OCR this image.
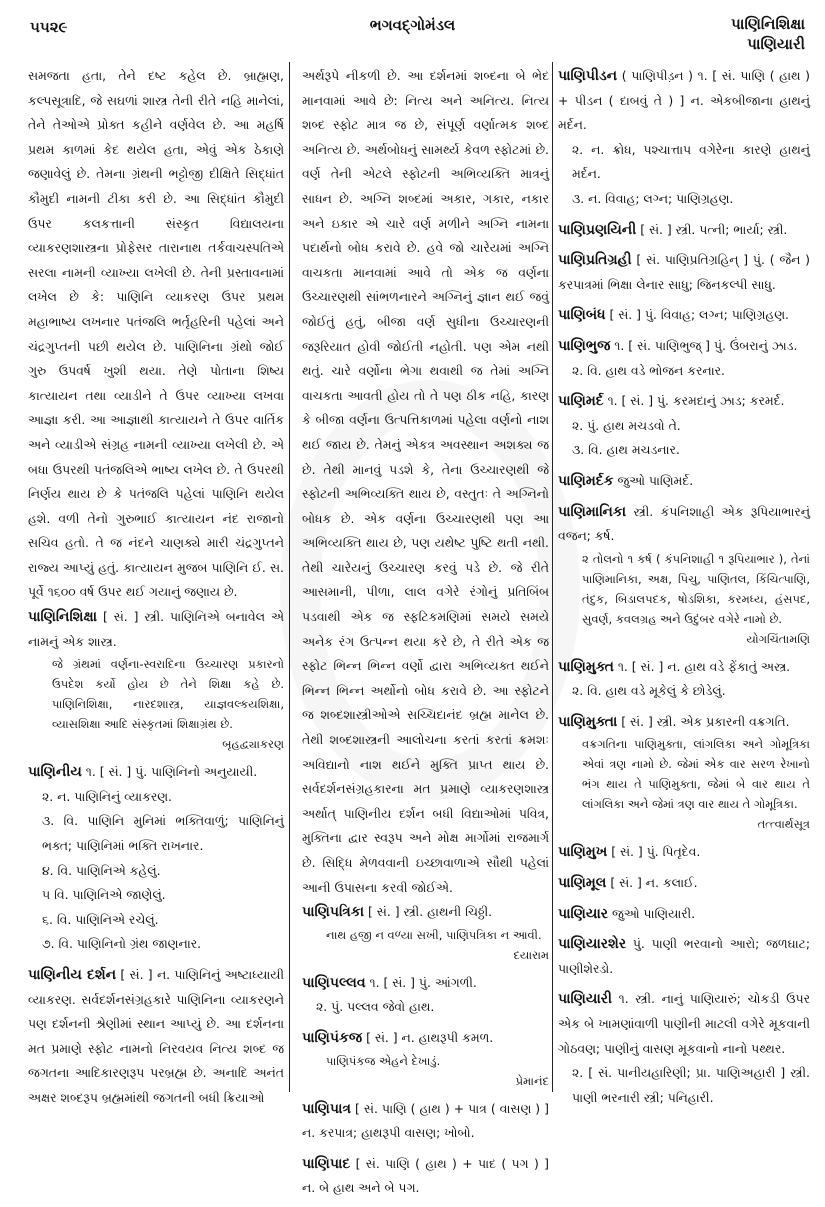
૫૫૨૯	ભગવદ્ગોમંડલ	પાણિનિશિક્ષા
પાણિયારી

સમજતા હતા, તેને દષ્ટ કહેલ છે. બ્રાહ્મણ, કલ્પસૂત્રાદિ, જે સઘળાં શાસ્ત્ર તેની રીતે નહિ માનેલાં, તેને તેઓએ પ્રોક્ત કહીને વર્ણવેલ છે. આ મહર્ષિ પ્રથમ કાળમાં કેદ થયેલ હતા, એવું એક ઠેકાણે જણાવેલું છે. તેમના ગ્રંથની ભટ્ટોજી દીક્ષિતે સિદ્ધાંત કૌમુદી નામની ટીકા કરી છે. આ સિદ્ધાંત કૌમુદી ઉપર કલકત્તાની સંસ્કૃત વિદ્યાલયના વ્યાકરણશાસ્ત્રના પ્રોફેસર તારાનાથ તર્કવાચસ્પતિએ સરલા નામની વ્યાખ્યા લખેલી છે. તેની પ્રસ્તાવનામાં લખેલ છે કે: પાણિનિ વ્યાકરણ ઉપર પ્રથમ મહાભાષ્ય લખનાર પતંજલિ ભર્તૃહરિની પહેલાં અને ચંદ્રગુપ્તની પછી થયેલ છે. પાણિનિના ગ્રંથો જોઈ ગુરુ ઉપવર્ષ ખુશી થયા. તેણે પોતાના શિષ્ય કાત્યાયન તથા વ્યાડીને તે ઉપર વ્યાખ્યા લખવા આજ્ઞા કરી. આ આજ્ઞાથી કાત્યાયને તે ઉપર વાર્તિક અને વ્યાડીએ સંગ્રહ નામની વ્યાખ્યા લખેલી છે. એ બધા ઉપરથી પતંજલિએ ભાષ્ય લખેલ છે. તે ઉપરથી નિર્ણય થાય છે કે પતંજલિ પહેલાં પાણિનિ થયેલ હશે. વળી તેનો ગુરુભાઈ કાત્યાયન નંદ રાજાનો સચિવ હતો. તે જ નંદને ચાણક્યે મારી ચંદ્રગુપ્તને રાજ્ય આપ્યું હતું. કાત્યાયન મુજબ પાણિનિ ઈ. સ. પૂર્વે ૧૬૦૦ વર્ષ ઉપર થઈ ગયાનું જણાય છે.

પાણિનિશિક્ષા [ સં. ] સ્ત્રી. પાણિનિએ બનાવેલ એ નામનું એક શાસ્ત્ર.

જે ગ્રંથમાં વર્ણના-સ્વરાદિના ઉચ્ચારણ પ્રકારનો ઉપદેશ કર્યો હોય છે તેને શિક્ષા કહે છે. પાણિનિશિક્ષા, નારદશાસ્ત્ર, યાજ્ઞવલ્કયશિક્ષા, વ્યાસશિક્ષા આદિ સંસ્કૃતમાં શિક્ષાગ્રંથ છે.

બૃહદ્વ્યાકરણ

પાણિનીય ૧. [ સં. ] પું. પાણિનિનો અનુયાયી.

૨. ન. પાણિનિનું વ્યાકરણ.

૩. વિ. પાણિનિ મુનિમાં ભક્તિવાળું; પાણિનિનું ભક્ત; પાણિનિમાં ભક્તિ રાખનાર.

૪. વિ. પાણિનિએ કહેલું.

૫ વિ. પાણિનિએ જાણેલું.

૬. વિ. પાણિનિએ રચેલું.

૭. વિ. પાણિનિનો ગ્રંથ જાણનાર.

પાણિનીય દર્શન [ સં. ] ન. પાણિનિનું અષ્ટાધ્યાયી વ્યાકરણ. સર્વદર્શનસંગ્રહકારે પાણિનિના વ્યાકરણને પણ દર્શનની શ્રેણીમાં સ્થાન આપ્યું છે. આ દર્શનના મત પ્રમાણે સ્ફોટ નામનો નિરવયવ નિત્ય શબ્દ જ જગતના આદિકારણરૂપ પરબ્રહ્મ છે. અનાદિ અનંત અક્ષર શબ્દરૂપ બ્રહ્મમાંથી જગતની બધી ક્રિયાઓ

અર્થરૂપે નીકળી છે. આ દર્શનમાં શબ્દના બે ભેદ માનવામાં આવે છે: નિત્ય અને અનિત્ય. નિત્ય શબ્દ સ્ફોટ માત્ર જ છે, સંપૂર્ણ વર્ણાત્મક શબ્દ અનિત્ય છે. અર્થબોધનું સામર્થ્ય કેવળ સ્ફોટમાં છે. વર્ણ તેની એટલે સ્ફોટની અભિવ્યક્તિ માત્રનું સાધન છે. અગ્નિ શબ્દમાં અકાર, ગકાર, નકાર અને ઇકાર એ ચારે વર્ણ મળીને અગ્નિ નામના પદાર્થનો બોધ કરાવે છે. હવે જો ચારેયમાં અગ્નિ વાચકતા માનવામાં આવે તો એક જ વર્ણના ઉચ્ચારણથી સાંભળનારને અગ્નિનું જ્ઞાન થઈ જવું જોઈતું હતું, બીજા વર્ણ સુધીના ઉચ્ચારણની જરૂરિયાત હોવી જોઈતી નહોતી. પણ એમ નથી થતું. ચારે વર્ણોના ભેગા થવાથી જ તેમાં અગ્નિ વાચકતા આવતી હોય તો તે પણ ઠીક નહિ, કારણ કે બીજા વર્ણના ઉત્પત્તિકાળમાં પહેલા વર્ણનો નાશ થઈ જાય છે. તેમનું એકત્ર અવસ્થાન અશક્ય જ છે. તેથી માનવું પડશે કે, તેના ઉચ્ચારણથી જે સ્ફોટની અભિવ્યક્તિ થાય છે, વસ્તુતઃ તે અગ્નિનો બોધક છે. એક વર્ણના ઉચ્ચારણથી પણ આ અભિવ્યક્તિ થાય છે, પણ યથેષ્ટ પુષ્ટિ થતી નથી. તેથી ચારેયનું ઉચ્ચારણ કરવું પડે છે. જે રીતે આસમાની, પીળા, લાલ વગેરે રંગોનું પ્રતિબિંબ પડવાથી એક જ સ્ફટિકમણિમાં સમયે સમયે અનેક રંગ ઉત્પન્ન થયા કરે છે, તે રીતે એક જ સ્ફોટ ભિન્ન ભિન્ન વર્ણો દ્વારા અભિવ્યક્ત થઈને ભિન્ન ભિન્ન અર્થોનો બોધ કરાવે છે. આ સ્ફોટને જ શબ્દશાસ્ત્રીઓએ સચ્ચિદાનંદ બ્રહ્મ માનેલ છે. તેથી શબ્દશાસ્ત્રની આલોચના કરતાં કરતાં ક્રમશઃ અવિદ્યાનો નાશ થઈને મુક્તિ પ્રાપ્ત થાય છે. સર્વદર્શનસંગ્રહકારના મત પ્રમાણે વ્યાકરણશાસ્ત્ર અર્થાત્ પાણિનીય દર્શન બધી વિદ્યાઓમાં પવિત્ર, મુક્તિના દ્વાર સ્વરૂપ અને મોક્ષ માર્ગોમાં રાજમાર્ગ છે. સિદ્ધિ મેળવવાની ઇચ્છાવાળાએ સૌથી પહેલાં આની ઉપાસના કરવી જોઈએ.

પાણિપત્રિકા [ સં. ] સ્ત્રી. હાથની ચિઠ્ઠી.

નાથ હજી ન વળ્યા સખી, પાણિપત્રિકા ન આવી.

દયારામ

પાણિપલ્લવ ૧. [ સં. ] પું. આંગળી.

૨. પું. પલ્લવ જેવો હાથ.

પાણિપંકજ [ સં. ] ન. હાથરૂપી કમળ.

પાણિપંકજ એહને દેખાડું.

પ્રેમાનંદ

પાણિપાત્ર [ સં. પાણિ ( હાથ ) + પાત્ર ( વાસણ ) ] ન. કરપાત્ર; હાથરૂપી વાસણ; ખોબો.
પાણિપાદ [ સં. પાણિ ( હાથ ) + પાદ ( પગ ) ] ન. બે હાથ અને બે પગ.
પાણિપીડન ( પાણિપીડ઼ન ) ૧. [ સં. પાણિ ( હાથ ) + પીડન ( દાબવું તે ) ] ન. એકબીજાના હાથનું મર્દન.

૨. ન. ક્રોધ, પશ્ચાત્તાપ વગેરેના કારણે હાથનું મર્દન.

૩. ન. વિવાહ; લગ્ન; પાણિગ્રહણ.

પાણિપ્રણયિની [ સં. ] સ્ત્રી. પત્ની; ભાર્યા; સ્ત્રી.
પાણિપ્રતિગ્રહી [ સં. પાણિપ્રતિગ્રહિન્ ] પું. ( જૈન ) કરપાત્રમાં ભિક્ષા લેનાર સાધુ; જિનકલ્પી સાધુ.
પાણિબંધ [ સં. ] પું. વિવાહ; લગ્ન; પાણિગ્રહણ.
પાણિભુજ ૧. [ સં. પાણિભુજ્ ] પું. ઉંબરાનું ઝાડ.

૨. વિ. હાથ વડે ભોજન કરનાર.

પાણિમર્દ ૧. [ સં. ] પું. કરમદાનું ઝાડ; કરમર્દ.

૨. પું. હાથ મચડવો તે.

૩. વિ. હાથ મચડનાર.

પાણિમર્દક જુઓ પાણિમર્દ.
પાણિમાનિકા સ્ત્રી. કંપનિશાહી એક રૂપિયાભારનું વજન; કર્ષ.

૨ તોલનો ૧ કર્ષ ( કંપનિશાહી ૧ રૂપિયાભાર ), તેનાં પાણિમાનિકા, અક્ષ, પિચુ, પાણિતલ, કિંચિત્પાણિ, તંદુક, બિડાલપદક, ષોડશિકા, કરમધ્ય, હંસપદ, સુવર્ણ, કવલગ્રહ અને ઉદુંબર વગેરે નામો છે.

યોગચિંતામણિ

પાણિમુક્ત ૧. [ સં. ] ન. હાથ વડે ફેંકાતું અસ્ત્ર.

૨. વિ. હાથ વડે મૂકેલું કે છોડેલું.

પાણિમુક્તા [ સં. ] સ્ત્રી. એક પ્રકારની વક્રગતિ.

વક્રગતિના પાણિમુક્તા, લાંગલિકા અને ગોમૂત્રિકા એવાં ત્રણ નામો છે. જેમાં એક વાર સરળ રેખાનો ભંગ થાય તે પાણિમુક્તા, જેમાં બે વાર થાય તે લાંગલિકા અને જેમાં ત્રણ વાર થાય તે ગોમૂત્રિકા.

તત્ત્વાર્થસૂત્ર

પાણિમુખ [ સં. ] પું. પિતૃદેવ.
પાણિમૂલ [ સં. ] ન. કલાઈ.
પાણિયાર જુઓ પાણિયારી.
પાણિયારશેર પું. પાણી ભરવાનો આરો; જળઘાટ; પાણીશેરડો.
પાણિયારી ૧. સ્ત્રી. નાનું પાણિયારું; ચોકડી ઉપર એક બે ખામણાંવાળી પાણીની માટલી વગેરે મૂકવાની ગોઠવણ; પાણીનું વાસણ મૂકવાનો નાનો પથ્થર.

૨. [ સં. પાનીયહારિણી; પ્રા. પાણિઅહારી ] સ્ત્રી. પાણી ભરનારી સ્ત્રી; પનિહારી.
